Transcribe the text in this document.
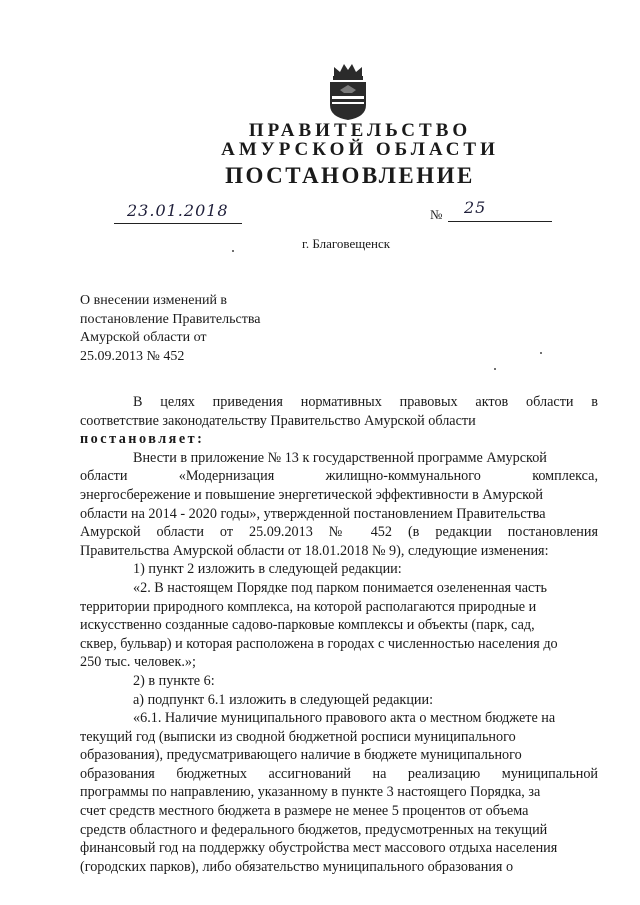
ПРАВИТЕЛЬСТВО
АМУРСКОЙ ОБЛАСТИ
ПОСТАНОВЛЕНИЕ
23.01.2018	№ 25
г. Благовещенск
О внесении изменений в
постановление Правительства
Амурской области от
25.09.2013 № 452
В целях приведения нормативных правовых актов области в
соответствие законодательству Правительство Амурской области
постановляет:
Внести в приложение № 13 к государственной программе Амурской
области «Модернизация жилищно-коммунального комплекса,
энергосбережение и повышение энергетической эффективности в Амурской
области на 2014 - 2020 годы», утвержденной постановлением Правительства
Амурской области от 25.09.2013 № 452 (в редакции постановления
Правительства Амурской области от 18.01.2018 № 9), следующие изменения:
1) пункт 2 изложить в следующей редакции:
«2. В настоящем Порядке под парком понимается озелененная часть
территории природного комплекса, на которой располагаются природные и
искусственно созданные садово-парковые комплексы и объекты (парк, сад,
сквер, бульвар) и которая расположена в городах с численностью населения до
250 тыс. человек.»;
2) в пункте 6:
а) подпункт 6.1 изложить в следующей редакции:
«6.1. Наличие муниципального правового акта о местном бюджете на
текущий год (выписки из сводной бюджетной росписи муниципального
образования), предусматривающего наличие в бюджете муниципального
образования бюджетных ассигнований на реализацию муниципальной
программы по направлению, указанному в пункте 3 настоящего Порядка, за
счет средств местного бюджета в размере не менее 5 процентов от объема
средств областного и федерального бюджетов, предусмотренных на текущий
финансовый год на поддержку обустройства мест массового отдыха населения
(городских парков), либо обязательство муниципального образования о
